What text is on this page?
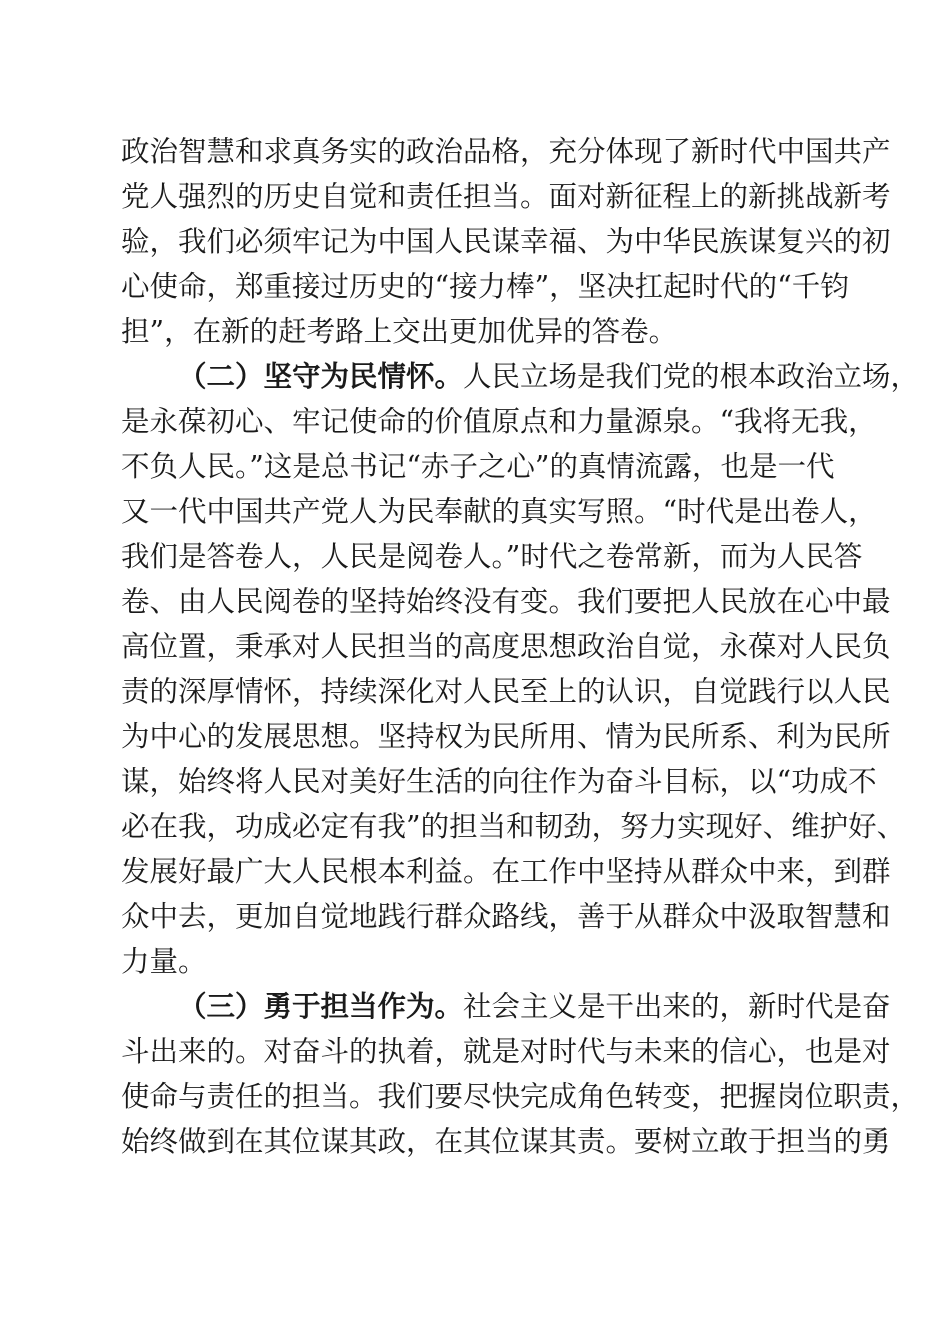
政治智慧和求真务实的政治品格，充分体现了新时代中国共产
党人强烈的历史自觉和责任担当。面对新征程上的新挑战新考
验，我们必须牢记为中国人民谋幸福、为中华民族谋复兴的初
心使命，郑重接过历史的“接力棒”，坚决扛起时代的“千钧
担”，在新的赶考路上交出更加优异的答卷。
（二）坚守为民情怀。人民立场是我们党的根本政治立场，
是永葆初心、牢记使命的价值原点和力量源泉。“我将无我，
不负人民。”这是总书记“赤子之心”的真情流露，也是一代
又一代中国共产党人为民奉献的真实写照。“时代是出卷人，
我们是答卷人，人民是阅卷人。”时代之卷常新，而为人民答
卷、由人民阅卷的坚持始终没有变。我们要把人民放在心中最
高位置，秉承对人民担当的高度思想政治自觉，永葆对人民负
责的深厚情怀，持续深化对人民至上的认识，自觉践行以人民
为中心的发展思想。坚持权为民所用、情为民所系、利为民所
谋，始终将人民对美好生活的向往作为奋斗目标，以“功成不
必在我，功成必定有我”的担当和韧劲，努力实现好、维护好、
发展好最广大人民根本利益。在工作中坚持从群众中来，到群
众中去，更加自觉地践行群众路线，善于从群众中汲取智慧和
力量。
（三）勇于担当作为。社会主义是干出来的，新时代是奋
斗出来的。对奋斗的执着，就是对时代与未来的信心，也是对
使命与责任的担当。我们要尽快完成角色转变，把握岗位职责，
始终做到在其位谋其政，在其位谋其责。要树立敢于担当的勇
